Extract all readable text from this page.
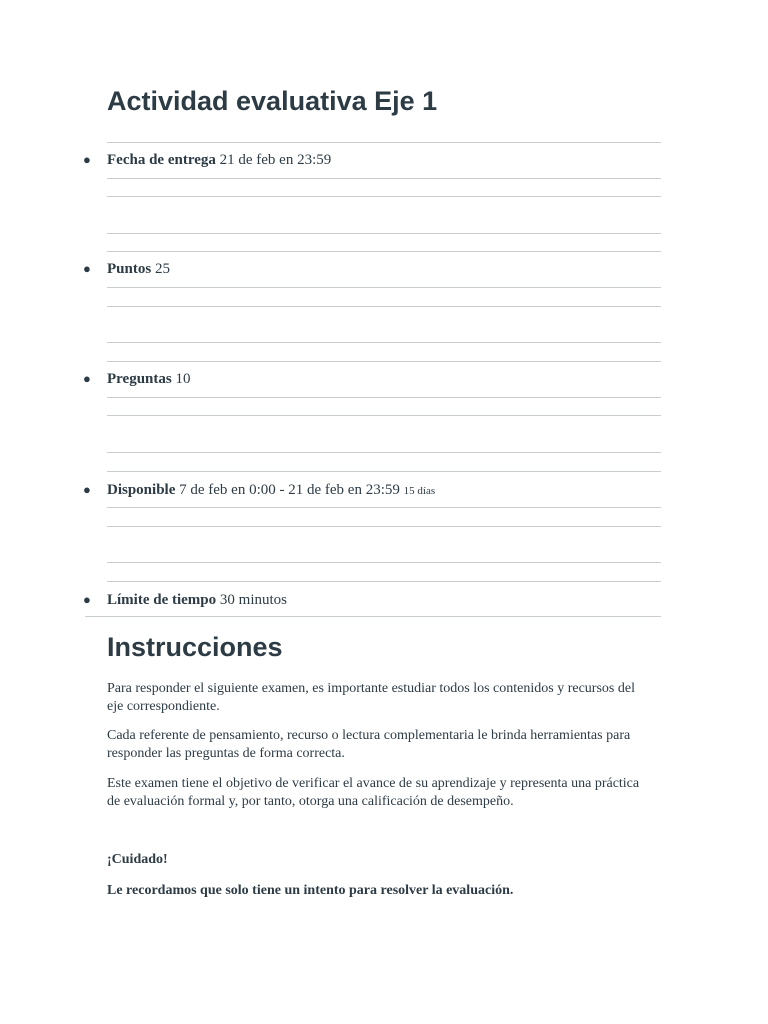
Actividad evaluativa Eje 1
● Fecha de entrega 21 de feb en 23:59
● Puntos 25
● Preguntas 10
● Disponible 7 de feb en 0:00 - 21 de feb en 23:59 15 días
● Límite de tiempo 30 minutos
Instrucciones

Para responder el siguiente examen, es importante estudiar todos los contenidos y recursos del eje correspondiente.

Cada referente de pensamiento, recurso o lectura complementaria le brinda herramientas para responder las preguntas de forma correcta.

Este examen tiene el objetivo de verificar el avance de su aprendizaje y representa una práctica de evaluación formal y, por tanto, otorga una calificación de desempeño.

¡Cuidado!

Le recordamos que solo tiene un intento para resolver la evaluación.
